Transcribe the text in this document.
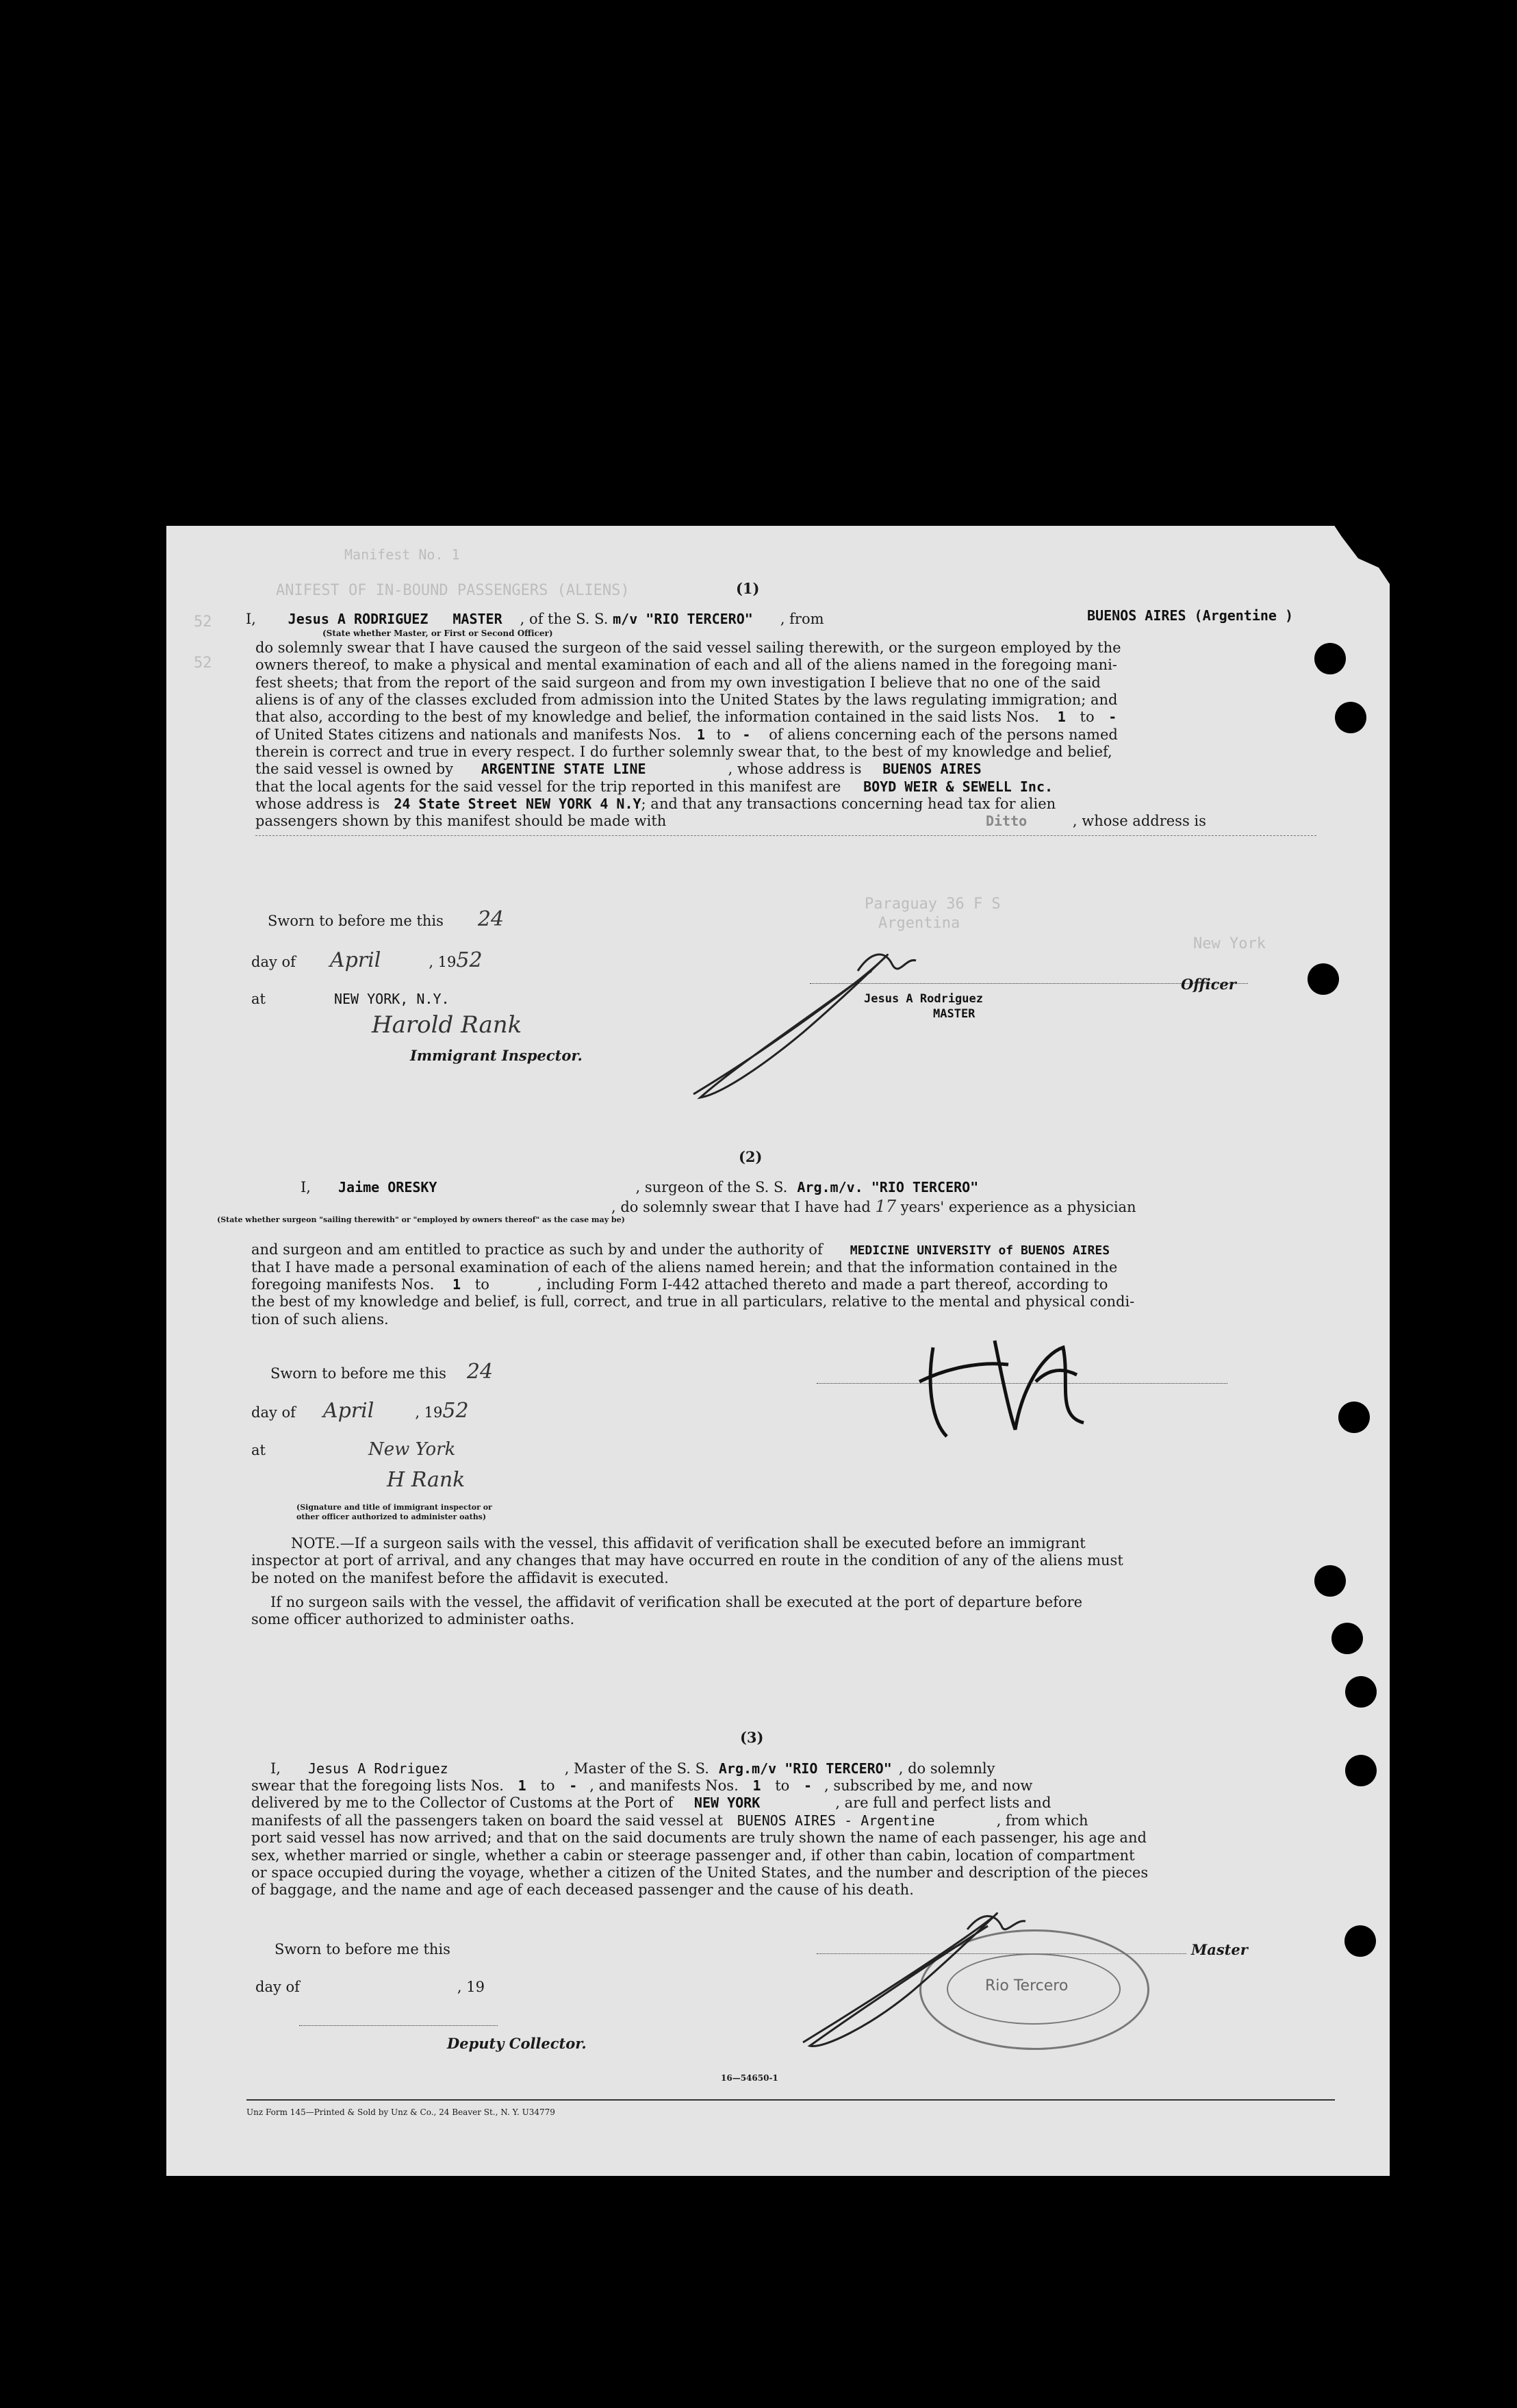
Manifest No. 1
ANIFEST OF IN-BOUND PASSENGERS (ALIENS)
52
52
Paraguay 36 F S
Argentina
New York
(1)
I, Jesus A RODRIGUEZ MASTER , of the S. S. m/v "RIO TERCERO" , from	BUENOS AIRES (Argentine )
(State whether Master, or First or Second Officer)
do solemnly swear that I have caused the surgeon of the said vessel sailing therewith, or the surgeon employed by the
owners thereof, to make a physical and mental examination of each and all of the aliens named in the foregoing mani-
fest sheets; that from the report of the said surgeon and from my own investigation I believe that no one of the said
aliens is of any of the classes excluded from admission into the United States by the laws regulating immigration; and
that also, according to the best of my knowledge and belief, the information contained in the said lists Nos. 1 to -
of United States citizens and nationals and manifests Nos. 1 to - of aliens concerning each of the persons named
therein is correct and true in every respect. I do further solemnly swear that, to the best of my knowledge and belief,
the said vessel is owned by ARGENTINE STATE LINE	, whose address is BUENOS AIRES
that the local agents for the said vessel for the trip reported in this manifest are BOYD WEIR & SEWELL Inc.
whose address is 24 State Street NEW YORK 4 N.Y; and that any transactions concerning head tax for alien
passengers shown by this manifest should be made with	Ditto	, whose address is
Sworn to before me this 24
day of April	, 1952
at	NEW YORK, N.Y.
Harold Rank
Immigrant Inspector.
Officer
Jesus A Rodriguez
MASTER
(2)
I, Jaime ORESKY	, surgeon of the S. S. Arg.m/v. "RIO TERCERO"
, do solemnly swear that I have had 17 years' experience as a physician
(State whether surgeon "sailing therewith" or "employed by owners thereof" as the case may be)
and surgeon and am entitled to practice as such by and under the authority of MEDICINE UNIVERSITY of BUENOS AIRES
that I have made a personal examination of each of the aliens named herein; and that the information contained in the
foregoing manifests Nos. 1 to	, including Form I-442 attached thereto and made a part thereof, according to
the best of my knowledge and belief, is full, correct, and true in all particulars, relative to the mental and physical condi-
tion of such aliens.
Sworn to before me this 24
day of April	, 1952
at	New York
H Rank
(Signature and title of immigrant inspector or
other officer authorized to administer oaths)
NOTE.—If a surgeon sails with the vessel, this affidavit of verification shall be executed before an immigrant
inspector at port of arrival, and any changes that may have occurred en route in the condition of any of the aliens must
be noted on the manifest before the affidavit is executed.
If no surgeon sails with the vessel, the affidavit of verification shall be executed at the port of departure before
some officer authorized to administer oaths.
(3)
I, Jesus A Rodriguez	, Master of the S. S. Arg.m/v "RIO TERCERO" , do solemnly
swear that the foregoing lists Nos. 1 to - , and manifests Nos. 1 to - , subscribed by me, and now
delivered by me to the Collector of Customs at the Port of NEW YORK	, are full and perfect lists and
manifests of all the passengers taken on board the said vessel at BUENOS AIRES - Argentine	, from which
port said vessel has now arrived; and that on the said documents are truly shown the name of each passenger, his age and
sex, whether married or single, whether a cabin or steerage passenger and, if other than cabin, location of compartment
or space occupied during the voyage, whether a citizen of the United States, and the number and description of the pieces
of baggage, and the name and age of each deceased passenger and the cause of his death.
Sworn to before me this	Master
day of	, 19
Deputy Collector.
Rio Tercero
16—54650-1
Unz Form 145—Printed & Sold by Unz & Co., 24 Beaver St., N. Y. U34779
